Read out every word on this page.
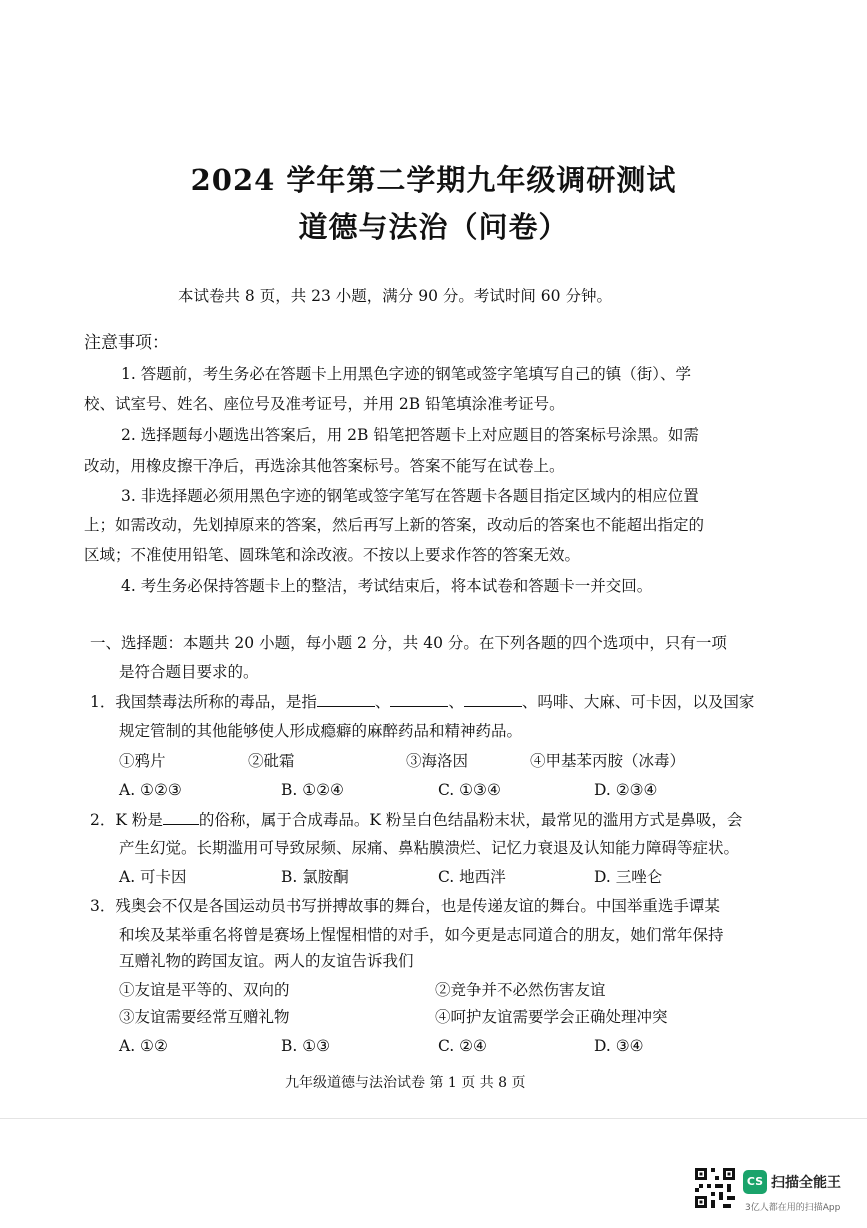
2024 学年第二学期九年级调研测试
道德与法治（问卷）
本试卷共 8 页，共 23 小题，满分 90 分。考试时间 60 分钟。
注意事项：
1. 答题前，考生务必在答题卡上用黑色字迹的钢笔或签字笔填写自己的镇（街）、学
校、试室号、姓名、座位号及准考证号，并用 2B 铅笔填涂准考证号。
2. 选择题每小题选出答案后，用 2B 铅笔把答题卡上对应题目的答案标号涂黑。如需
改动，用橡皮擦干净后，再选涂其他答案标号。答案不能写在试卷上。
3. 非选择题必须用黑色字迹的钢笔或签字笔写在答题卡各题目指定区域内的相应位置
上；如需改动，先划掉原来的答案，然后再写上新的答案，改动后的答案也不能超出指定的
区域；不准使用铅笔、圆珠笔和涂改液。不按以上要求作答的答案无效。
4. 考生务必保持答题卡上的整洁，考试结束后，将本试卷和答题卡一并交回。
一、选择题：本题共 20 小题，每小题 2 分，共 40 分。在下列各题的四个选项中，只有一项
是符合题目要求的。
1．我国禁毒法所称的毒品，是指	、	、	、吗啡、大麻、可卡因，以及国家
规定管制的其他能够使人形成瘾癖的麻醉药品和精神药品。
①鸦片	②砒霜	③海洛因	④甲基苯丙胺（冰毒）
A. ①②③	B. ①②④	C. ①③④	D. ②③④
2．K 粉是 的俗称，属于合成毒品。K 粉呈白色结晶粉末状，最常见的滥用方式是鼻吸，会
产生幻觉。长期滥用可导致尿频、尿痛、鼻粘膜溃烂、记忆力衰退及认知能力障碍等症状。
A. 可卡因	B. 氯胺酮	C. 地西泮	D. 三唑仑
3．残奥会不仅是各国运动员书写拼搏故事的舞台，也是传递友谊的舞台。中国举重选手谭某
和埃及某举重名将曾是赛场上惺惺相惜的对手，如今更是志同道合的朋友，她们常年保持
互赠礼物的跨国友谊。两人的友谊告诉我们
①友谊是平等的、双向的	②竞争并不必然伤害友谊
③友谊需要经常互赠礼物	④呵护友谊需要学会正确处理冲突
A. ①②	B. ①③	C. ②④	D. ③④
九年级道德与法治试卷 第 1 页 共 8 页
CS 扫描全能王
3亿人都在用的扫描App
